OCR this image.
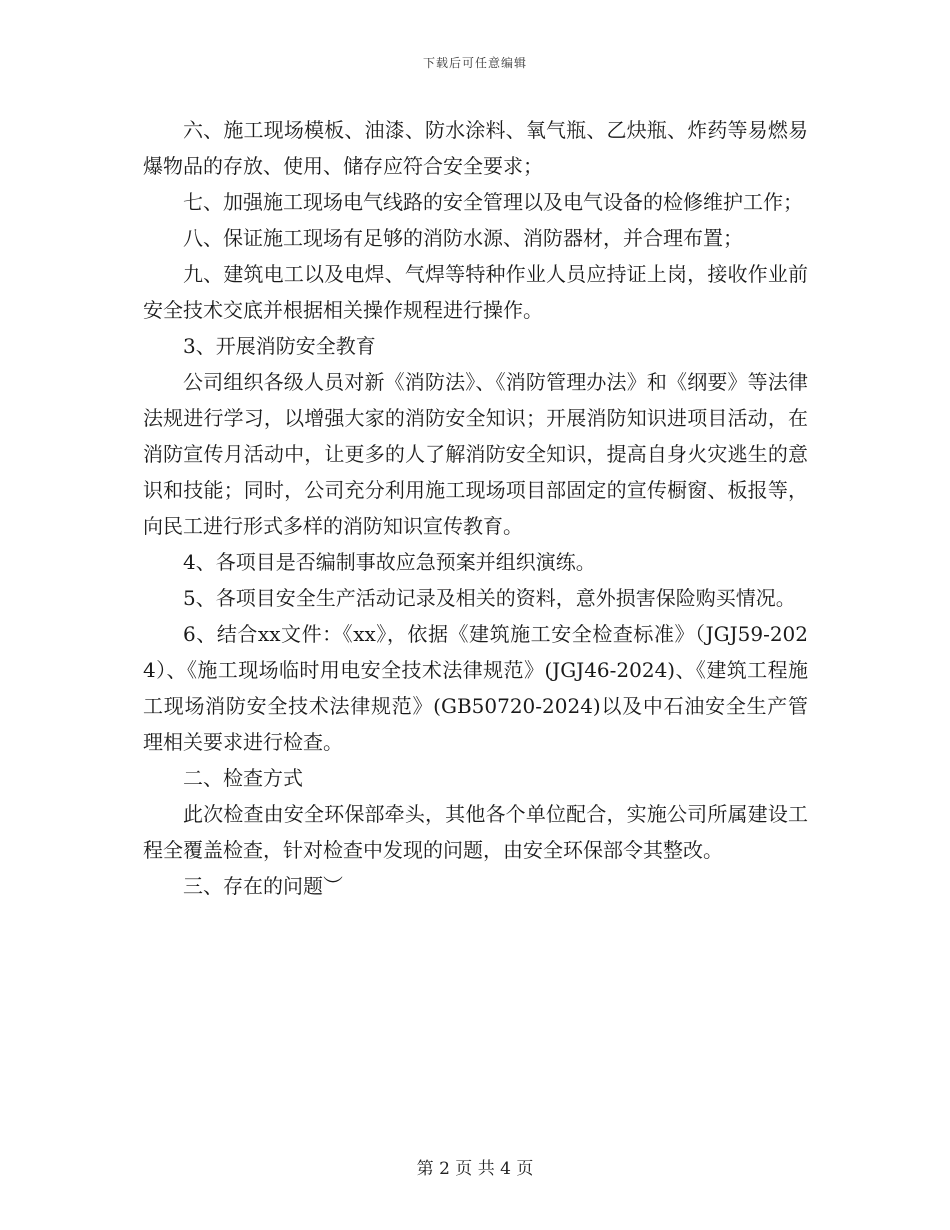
下载后可任意编辑

六、施工现场模板、油漆、防水涂料、氧气瓶、乙炔瓶、炸药等易燃易爆物品的存放、使用、储存应符合安全要求；

七、加强施工现场电气线路的安全管理以及电气设备的检修维护工作；

八、保证施工现场有足够的消防水源、消防器材，并合理布置；

九、建筑电工以及电焊、气焊等特种作业人员应持证上岗，接收作业前安全技术交底并根据相关操作规程进行操作。

3、开展消防安全教育

公司组织各级人员对新《消防法》、《消防管理办法》和《纲要》等法律法规进行学习，以增强大家的消防安全知识；开展消防知识进项目活动，在消防宣传月活动中，让更多的人了解消防安全知识，提高自身火灾逃生的意识和技能；同时，公司充分利用施工现场项目部固定的宣传橱窗、板报等，向民工进行形式多样的消防知识宣传教育。

4、各项目是否编制事故应急预案并组织演练。

5、各项目安全生产活动记录及相关的资料，意外损害保险购买情况。

6、结合xx文件：《xx》，依据《建筑施工安全检查标准》（JGJ59-2024）、《施工现场临时用电安全技术法律规范》(JGJ46-2024)、《建筑工程施工现场消防安全技术法律规范》(GB50720-2024)以及中石油安全生产管理相关要求进行检查。

二、检查方式

此次检查由安全环保部牵头，其他各个单位配合，实施公司所属建设工程全覆盖检查，针对检查中发现的问题，由安全环保部令其整改。

三、存在的问题︶

第 2 页 共 4 页
